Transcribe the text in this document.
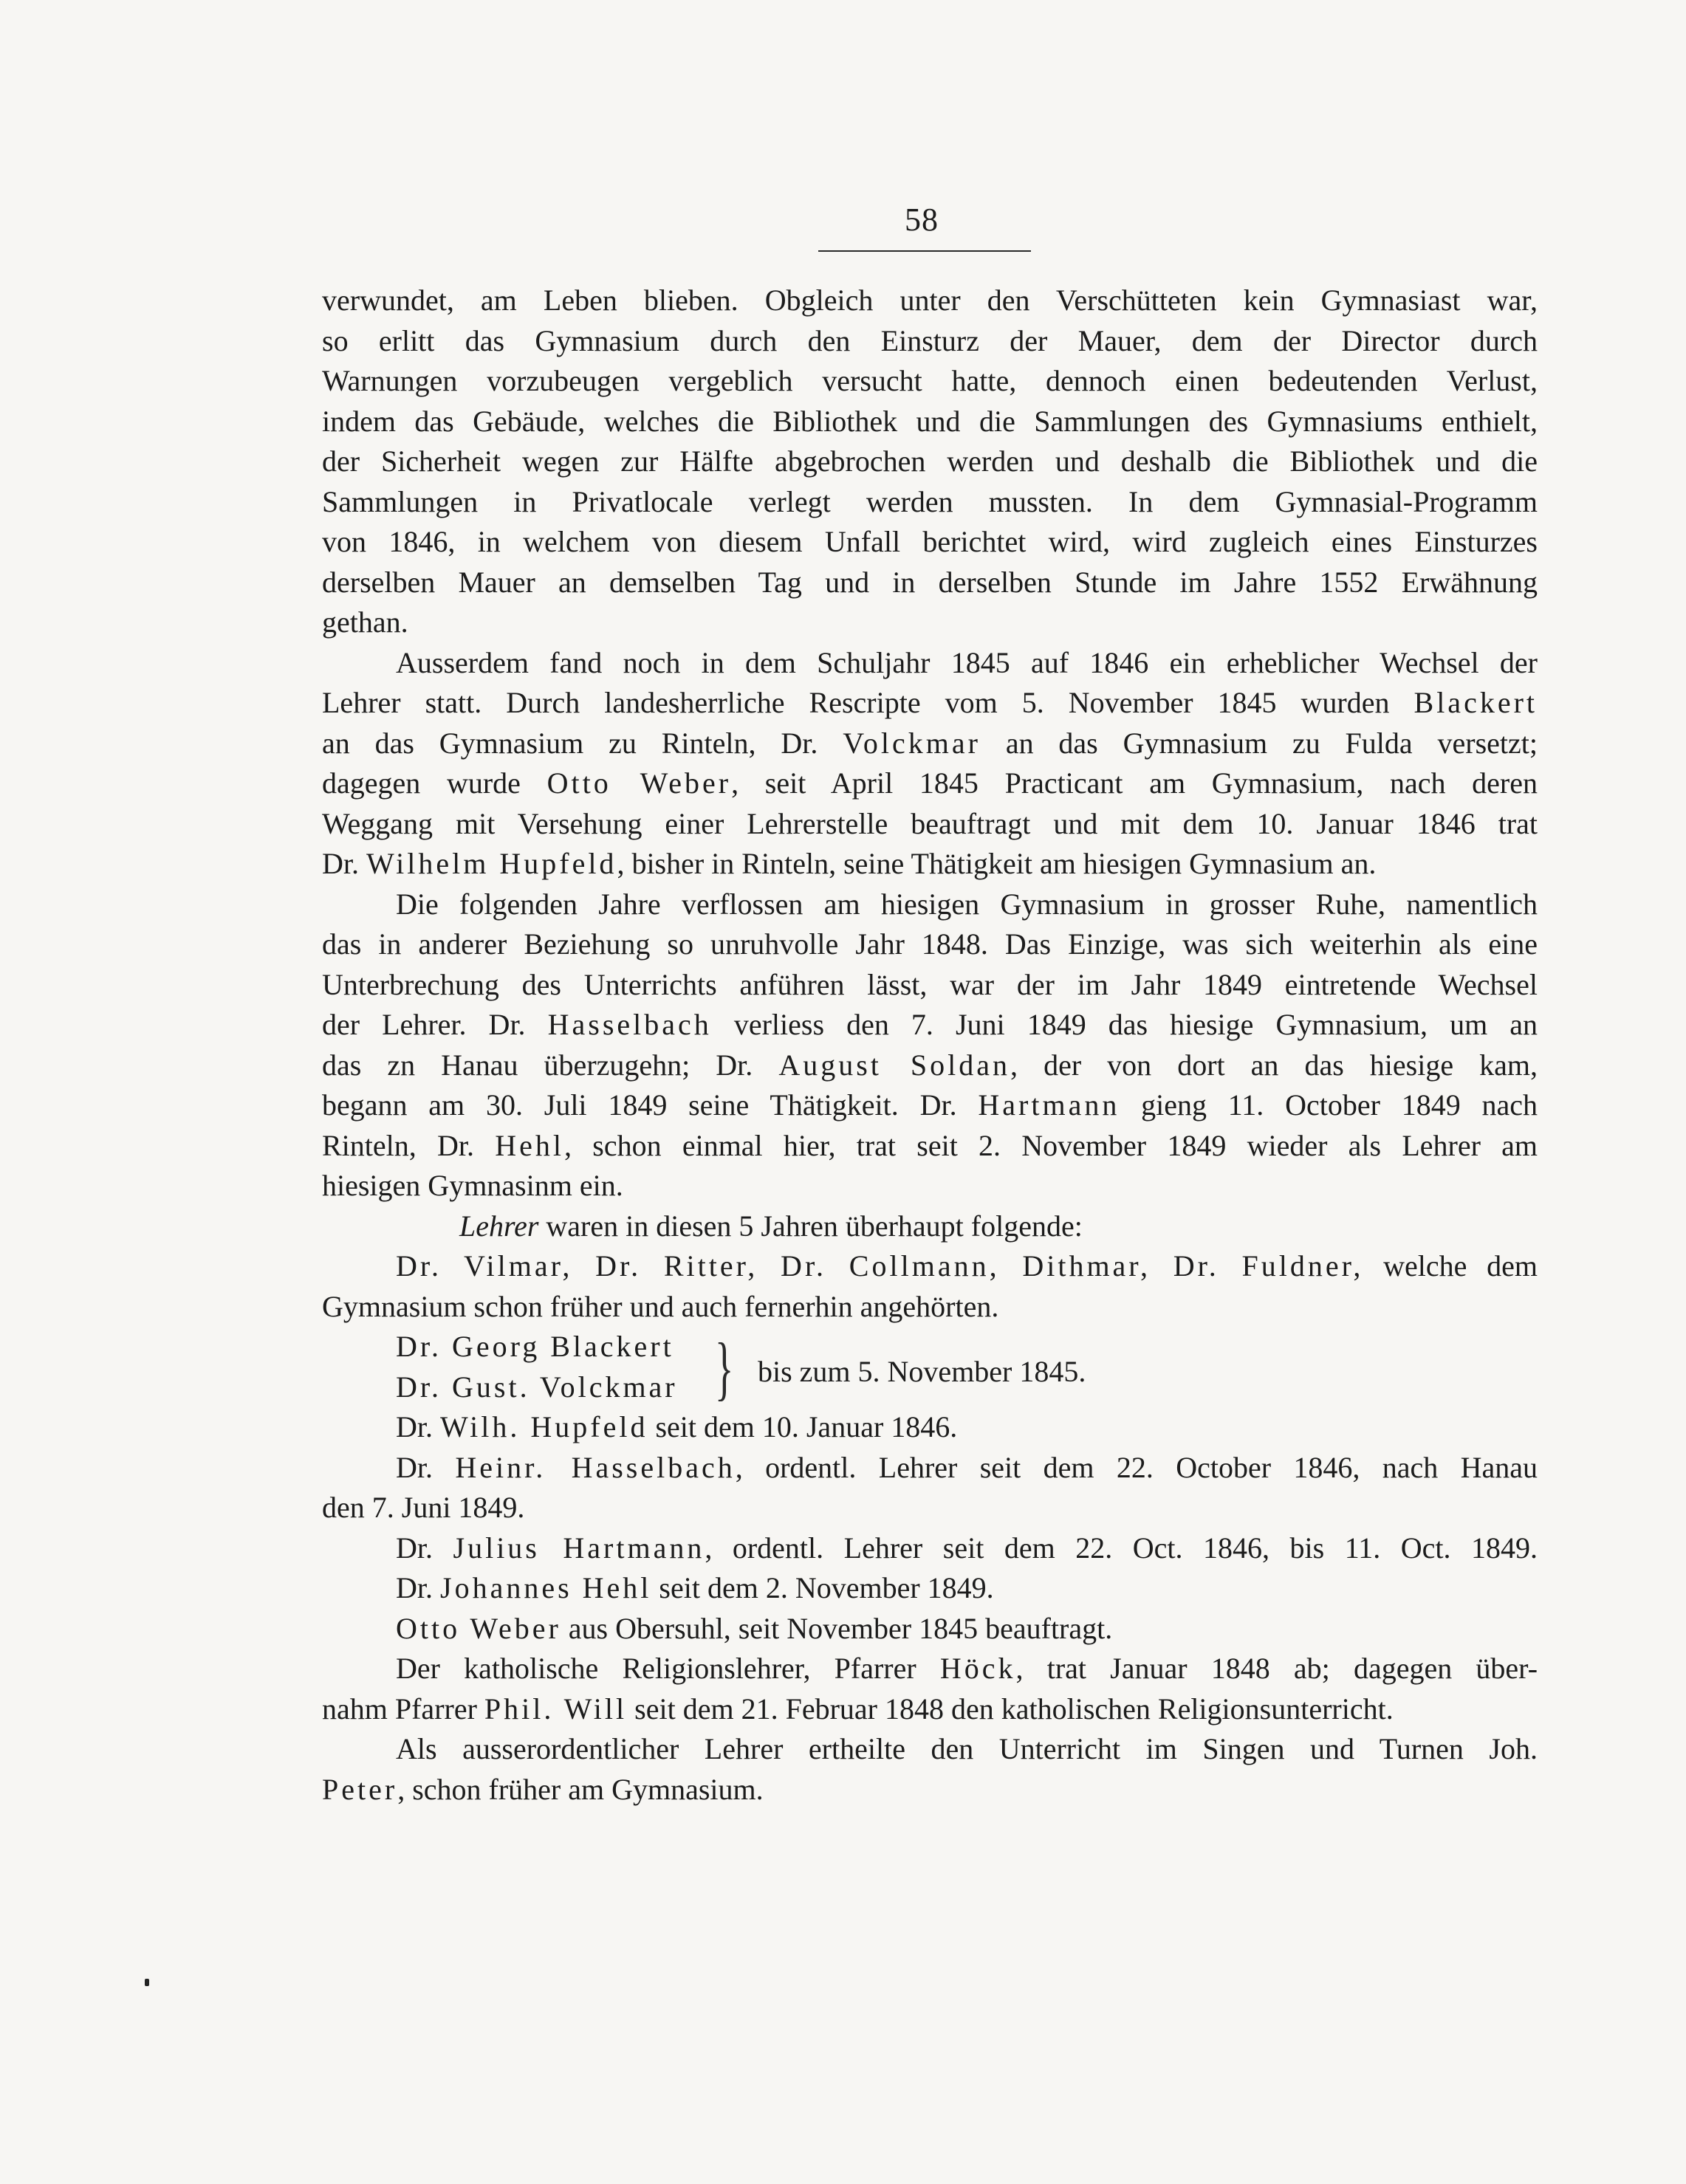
58
verwundet, am Leben blieben. Obgleich unter den Verschütteten kein Gymnasiast war,
so erlitt das Gymnasium durch den Einsturz der Mauer, dem der Director durch
Warnungen vorzubeugen vergeblich versucht hatte, dennoch einen bedeutenden Verlust,
indem das Gebäude, welches die Bibliothek und die Sammlungen des Gymnasiums enthielt,
der Sicherheit wegen zur Hälfte abgebrochen werden und deshalb die Bibliothek und die
Sammlungen in Privatlocale verlegt werden mussten. In dem Gymnasial-Programm
von 1846, in welchem von diesem Unfall berichtet wird, wird zugleich eines Einsturzes
derselben Mauer an demselben Tag und in derselben Stunde im Jahre 1552 Erwähnung
gethan.
Ausserdem fand noch in dem Schuljahr 1845 auf 1846 ein erheblicher Wechsel der
Lehrer statt. Durch landesherrliche Rescripte vom 5. November 1845 wurden Blackert
an das Gymnasium zu Rinteln, Dr. Volckmar an das Gymnasium zu Fulda versetzt;
dagegen wurde Otto Weber, seit April 1845 Practicant am Gymnasium, nach deren
Weggang mit Versehung einer Lehrerstelle beauftragt und mit dem 10. Januar 1846 trat
Dr. Wilhelm Hupfeld, bisher in Rinteln, seine Thätigkeit am hiesigen Gymnasium an.
Die folgenden Jahre verflossen am hiesigen Gymnasium in grosser Ruhe, namentlich
das in anderer Beziehung so unruhvolle Jahr 1848. Das Einzige, was sich weiterhin als eine
Unterbrechung des Unterrichts anführen lässt, war der im Jahr 1849 eintretende Wechsel
der Lehrer. Dr. Hasselbach verliess den 7. Juni 1849 das hiesige Gymnasium, um an
das zn Hanau überzugehn; Dr. August Soldan, der von dort an das hiesige kam,
begann am 30. Juli 1849 seine Thätigkeit. Dr. Hartmann gieng 11. October 1849 nach
Rinteln, Dr. Hehl, schon einmal hier, trat seit 2. November 1849 wieder als Lehrer am
hiesigen Gymnasinm ein.
Lehrer waren in diesen 5 Jahren überhaupt folgende:
Dr. Vilmar, Dr. Ritter, Dr. Collmann, Dithmar, Dr. Fuldner, welche dem
Gymnasium schon früher und auch fernerhin angehörten.
Dr. Georg Blackert
Dr. Gust. Volckmar } bis zum 5. November 1845.
Dr. Wilh. Hupfeld seit dem 10. Januar 1846.
Dr. Heinr. Hasselbach, ordentl. Lehrer seit dem 22. October 1846, nach Hanau
den 7. Juni 1849.
Dr. Julius Hartmann, ordentl. Lehrer seit dem 22. Oct. 1846, bis 11. Oct. 1849.
Dr. Johannes Hehl seit dem 2. November 1849.
Otto Weber aus Obersuhl, seit November 1845 beauftragt.
Der katholische Religionslehrer, Pfarrer Höck, trat Januar 1848 ab; dagegen über-
nahm Pfarrer Phil. Will seit dem 21. Februar 1848 den katholischen Religionsunterricht.
Als ausserordentlicher Lehrer ertheilte den Unterricht im Singen und Turnen Joh.
Peter, schon früher am Gymnasium.
